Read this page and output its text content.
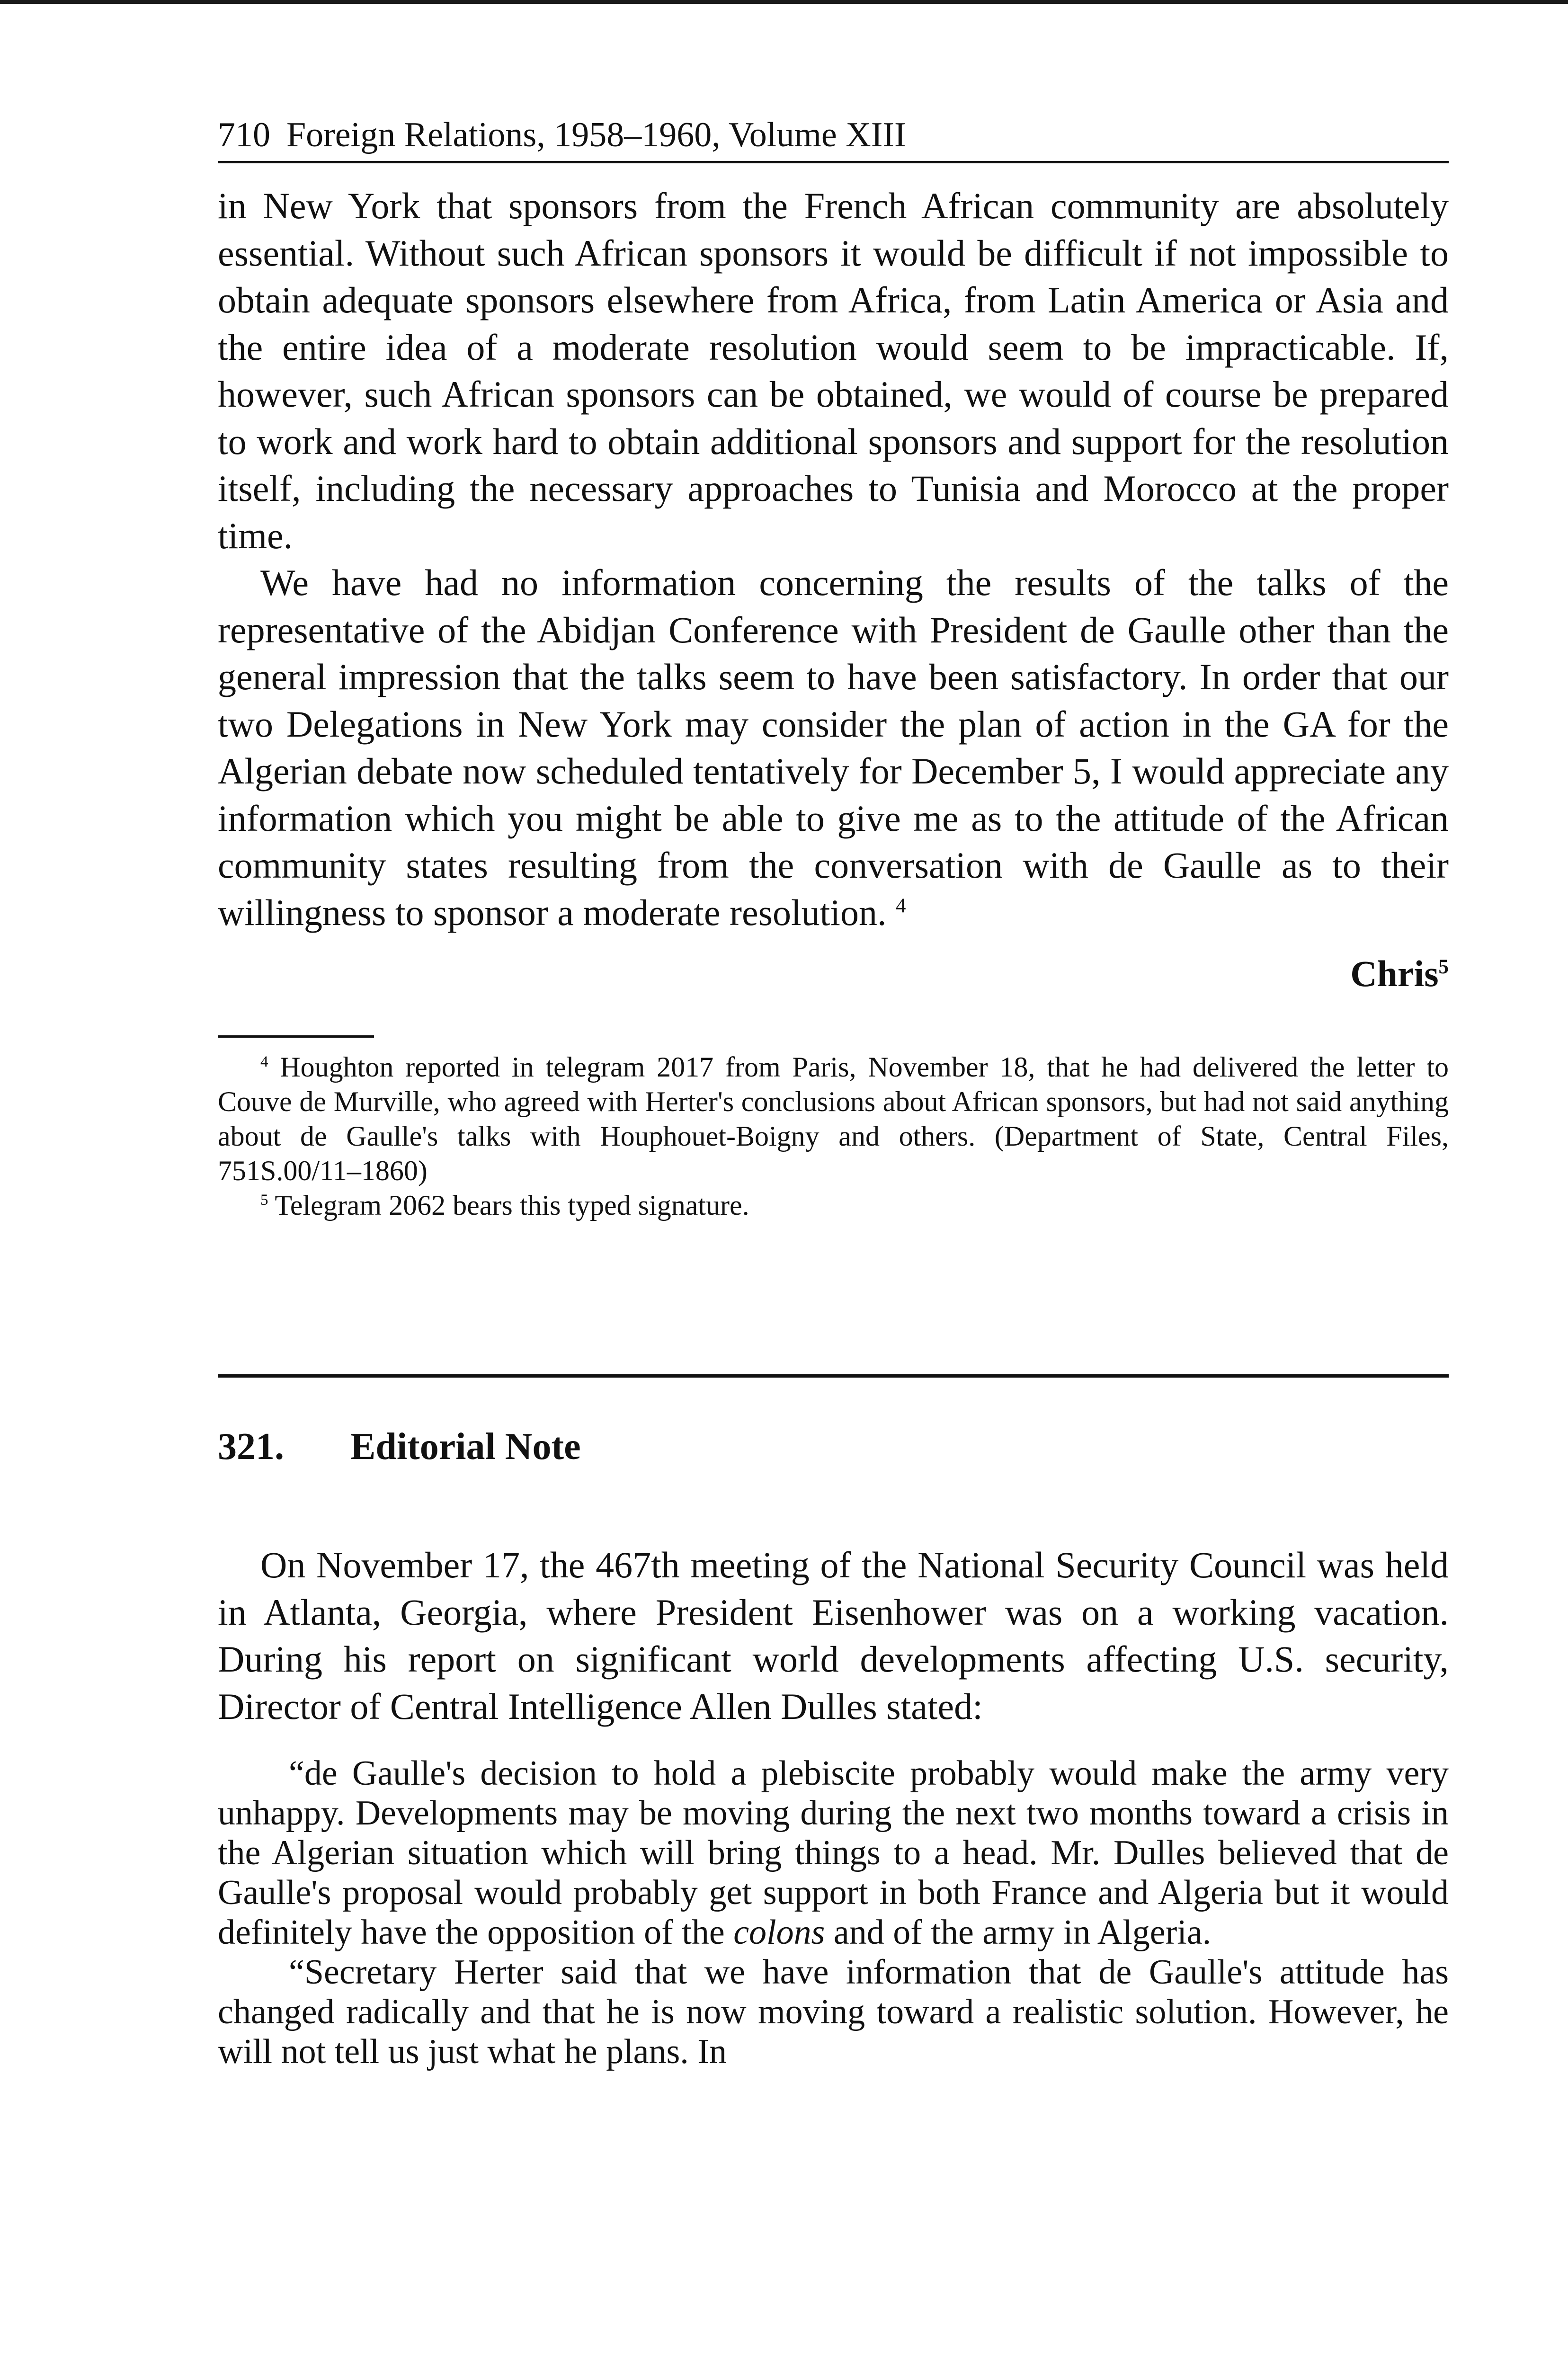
710 Foreign Relations, 1958–1960, Volume XIII

in New York that sponsors from the French African community are absolutely essential. Without such African sponsors it would be difficult if not impossible to obtain adequate sponsors elsewhere from Africa, from Latin America or Asia and the entire idea of a moderate resolution would seem to be impracticable. If, however, such African sponsors can be obtained, we would of course be prepared to work and work hard to obtain additional sponsors and support for the resolution itself, including the necessary approaches to Tunisia and Morocco at the proper time.

We have had no information concerning the results of the talks of the representative of the Abidjan Conference with President de Gaulle other than the general impression that the talks seem to have been satisfactory. In order that our two Delegations in New York may consider the plan of action in the GA for the Algerian debate now scheduled tentatively for December 5, I would appreciate any information which you might be able to give me as to the attitude of the African community states resulting from the conversation with de Gaulle as to their willingness to sponsor a moderate resolution. $^4$

Chris$^5$

$^4$ Houghton reported in telegram 2017 from Paris, November 18, that he had delivered the letter to Couve de Murville, who agreed with Herter's conclusions about African sponsors, but had not said anything about de Gaulle's talks with Houphouet-Boigny and others. (Department of State, Central Files, 751S.00/11–1860)

$^5$ Telegram 2062 bears this typed signature.

321. Editorial Note

On November 17, the 467th meeting of the National Security Council was held in Atlanta, Georgia, where President Eisenhower was on a working vacation. During his report on significant world developments affecting U.S. security, Director of Central Intelligence Allen Dulles stated:

“de Gaulle's decision to hold a plebiscite probably would make the army very unhappy. Developments may be moving during the next two months toward a crisis in the Algerian situation which will bring things to a head. Mr. Dulles believed that de Gaulle's proposal would probably get support in both France and Algeria but it would definitely have the opposition of the colons and of the army in Algeria.

“Secretary Herter said that we have information that de Gaulle's attitude has changed radically and that he is now moving toward a realistic solution. However, he will not tell us just what he plans. In
